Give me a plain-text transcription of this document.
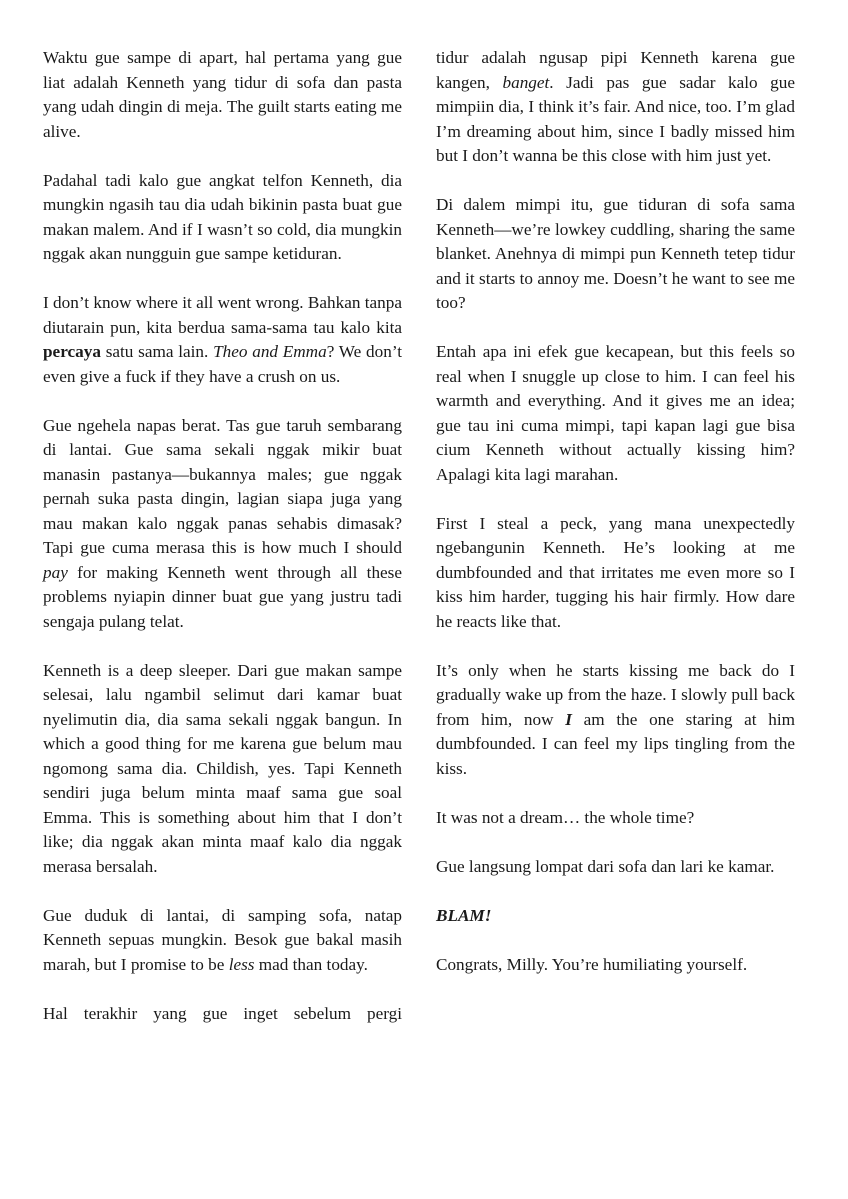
Waktu gue sampe di apart, hal pertama yang gue liat adalah Kenneth yang tidur di sofa dan pasta yang udah dingin di meja. The guilt starts eating me alive.

Padahal tadi kalo gue angkat telfon Kenneth, dia mungkin ngasih tau dia udah bikinin pasta buat gue makan malem. And if I wasn’t so cold, dia mungkin nggak akan nungguin gue sampe ketiduran.

I don’t know where it all went wrong. Bahkan tanpa diutarain pun, kita berdua sama-sama tau kalo kita percaya satu sama lain. Theo and Emma? We don’t even give a fuck if they have a crush on us.

Gue ngehela napas berat. Tas gue taruh sembarang di lantai. Gue sama sekali nggak mikir buat manasin pastanya—bukannya males; gue nggak pernah suka pasta dingin, lagian siapa juga yang mau makan kalo nggak panas sehabis dimasak? Tapi gue cuma merasa this is how much I should pay for making Kenneth went through all these problems nyiapin dinner buat gue yang justru tadi sengaja pulang telat.

Kenneth is a deep sleeper. Dari gue makan sampe selesai, lalu ngambil selimut dari kamar buat nyelimutin dia, dia sama sekali nggak bangun. In which a good thing for me karena gue belum mau ngomong sama dia. Childish, yes. Tapi Kenneth sendiri juga belum minta maaf sama gue soal Emma. This is something about him that I don’t like; dia nggak akan minta maaf kalo dia nggak merasa bersalah.

Gue duduk di lantai, di samping sofa, natap Kenneth sepuas mungkin. Besok gue bakal masih marah, but I promise to be less mad than today.

Hal terakhir yang gue inget sebelum pergi

tidur adalah ngusap pipi Kenneth karena gue kangen, banget. Jadi pas gue sadar kalo gue mimpiin dia, I think it’s fair. And nice, too. I’m glad I’m dreaming about him, since I badly missed him but I don’t wanna be this close with him just yet.

Di dalem mimpi itu, gue tiduran di sofa sama Kenneth—we’re lowkey cuddling, sharing the same blanket. Anehnya di mimpi pun Kenneth tetep tidur and it starts to annoy me. Doesn’t he want to see me too?

Entah apa ini efek gue kecapean, but this feels so real when I snuggle up close to him. I can feel his warmth and everything. And it gives me an idea; gue tau ini cuma mimpi, tapi kapan lagi gue bisa cium Kenneth without actually kissing him? Apalagi kita lagi marahan.

First I steal a peck, yang mana unexpectedly ngebangunin Kenneth. He’s looking at me dumbfounded and that irritates me even more so I kiss him harder, tugging his hair firmly. How dare he reacts like that.

It’s only when he starts kissing me back do I gradually wake up from the haze. I slowly pull back from him, now I am the one staring at him dumbfounded. I can feel my lips tingling from the kiss.

It was not a dream… the whole time?

Gue langsung lompat dari sofa dan lari ke kamar.

BLAM!

Congrats, Milly. You’re humiliating yourself.
